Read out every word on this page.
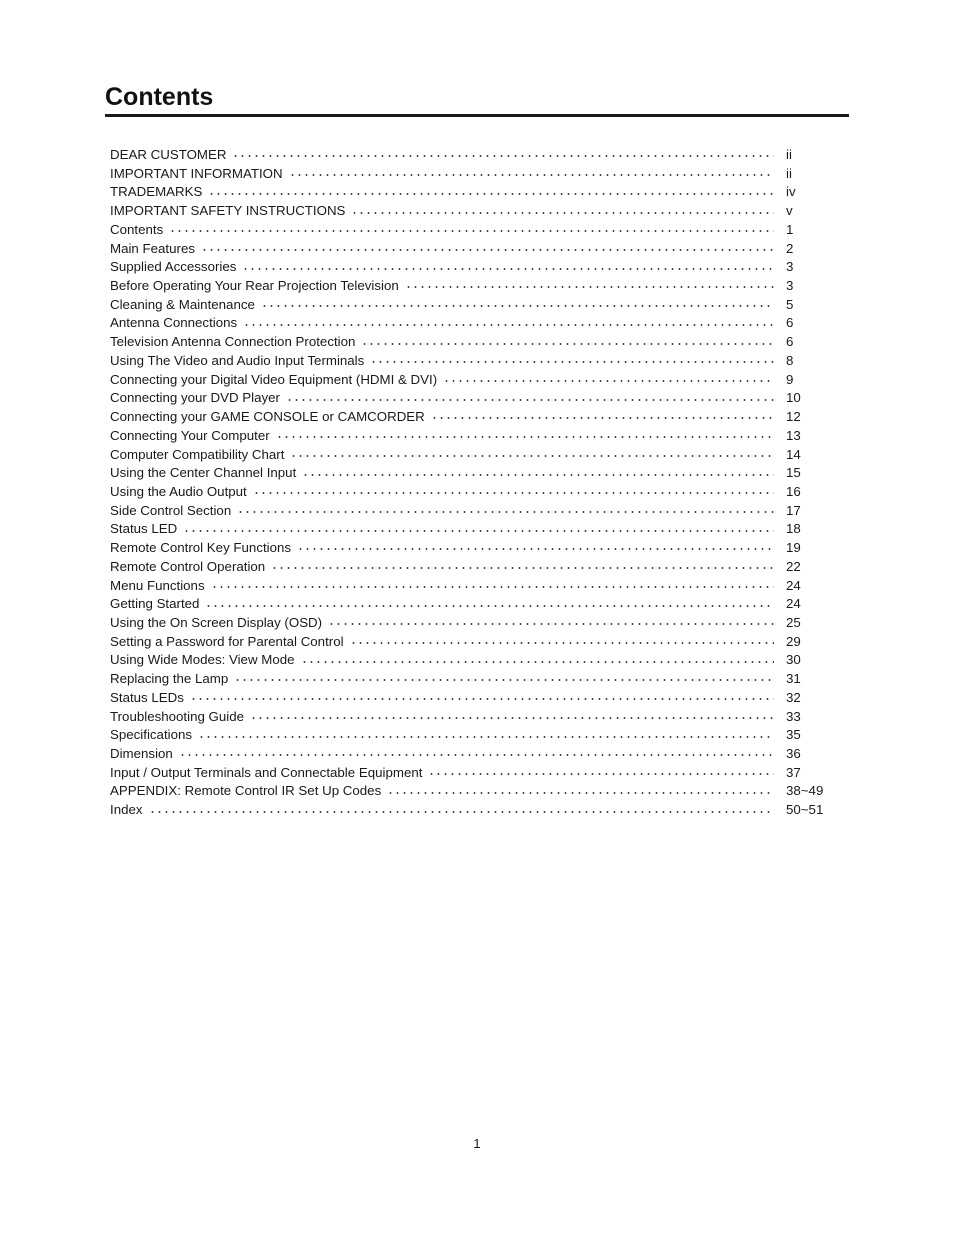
Contents
DEAR CUSTOMER	ii
IMPORTANT INFORMATION	ii
TRADEMARKS	iv
IMPORTANT SAFETY INSTRUCTIONS	v
Contents	1
Main Features	2
Supplied Accessories	3
Before Operating Your Rear Projection Television	3
Cleaning & Maintenance	5
Antenna Connections	6
Television Antenna Connection Protection	6
Using The Video and Audio Input Terminals	8
Connecting your Digital Video Equipment (HDMI & DVI)	9
Connecting your DVD Player	10
Connecting your GAME CONSOLE or CAMCORDER	12
Connecting Your Computer	13
Computer Compatibility Chart	14
Using the Center Channel Input	15
Using the Audio Output	16
Side Control Section	17
Status LED	18
Remote Control Key Functions	19
Remote Control Operation	22
Menu Functions	24
Getting Started	24
Using the On Screen Display (OSD)	25
Setting a Password for Parental Control	29
Using Wide Modes: View Mode	30
Replacing the Lamp	31
Status LEDs	32
Troubleshooting Guide	33
Specifications	35
Dimension	36
Input / Output Terminals and Connectable Equipment	37
APPENDIX: Remote Control IR Set Up Codes	38~49
Index	50~51
1
